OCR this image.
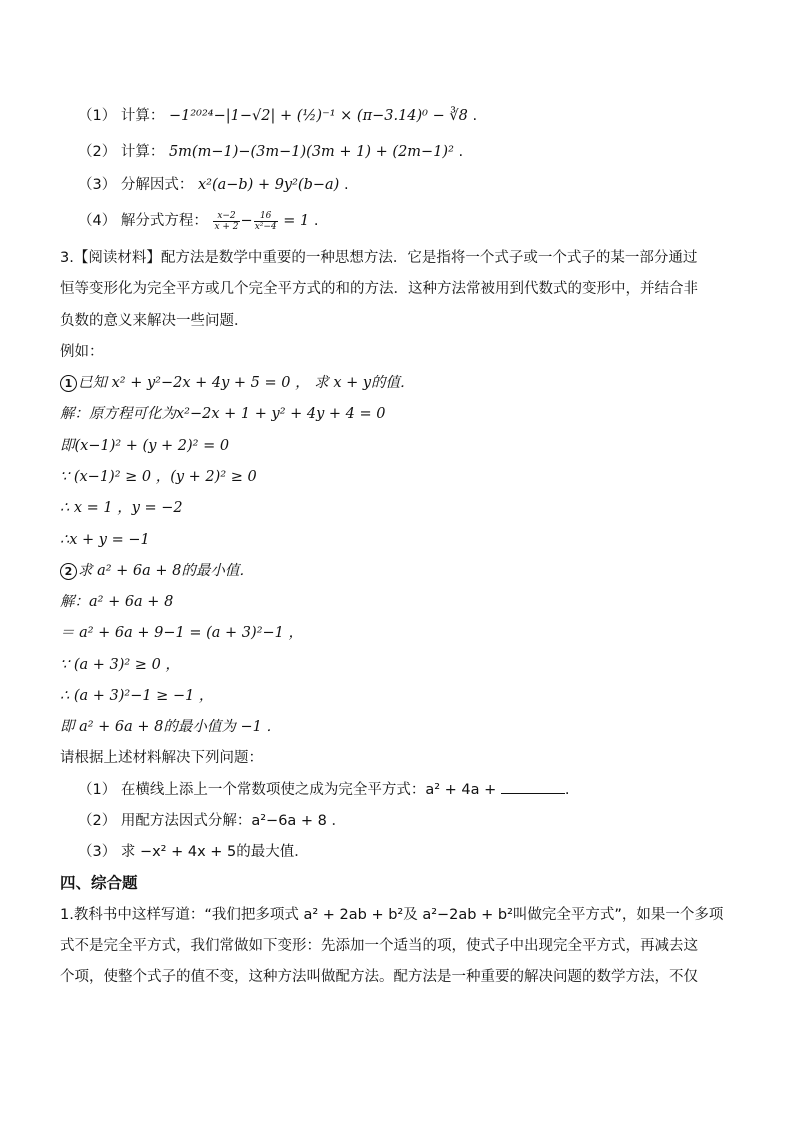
（1） 计算： −1²⁰²⁴−|1−√2| + (½)⁻¹ × (π−3.14)⁰ − ∛8 .
（2） 计算： 5m(m−1)−(3m−1)(3m + 1) + (2m−1)² .
（3） 分解因式： x²(a−b) + 9y²(b−a) .
（4） 解分式方程： $\frac{x-2}{x + 2} - \frac{16}{\text{x²−4}} = 1$ .
3.【阅读材料】配方法是数学中重要的一种思想方法．它是指将一个式子或一个式子的某一部分通过
恒等变形化为完全平方或几个完全平方式的和的方法．这种方法常被用到代数式的变形中，并结合非
负数的意义来解决一些问题．
例如：
1 已知 x² + y²−2x + 4y + 5 = 0 ， 求 x + y的值．
解：原方程可化为x²−2x + 1 + y² + 4y + 4 = 0
即(x−1)² + (y + 2)² = 0
∵ (x−1)² ≥ 0 ，(y + 2)² ≥ 0
∴ x = 1 ，y = −2
∴x + y = −1
2 求 a² + 6a + 8的最小值．
解：a² + 6a + 8
＝ a² + 6a + 9−1 = (a + 3)²−1 ，
∵ (a + 3)² ≥ 0 ，
∴ (a + 3)²−1 ≥ −1 ，
即 a² + 6a + 8的最小值为 −1 ．
请根据上述材料解决下列问题：
（1） 在横线上添上一个常数项使之成为完全平方式：a² + 4a +	.
（2） 用配方法因式分解：a²−6a + 8 ．
（3） 求 −x² + 4x + 5的最大值．
四、综合题
1.教科书中这样写道：“我们把多项式 a² + 2ab + b²及 a²−2ab + b²叫做完全平方式”，如果一个多项
式不是完全平方式，我们常做如下变形：先添加一个适当的项，使式子中出现完全平方式，再减去这
个项，使整个式子的值不变，这种方法叫做配方法。配方法是一种重要的解决问题的数学方法，不仅
